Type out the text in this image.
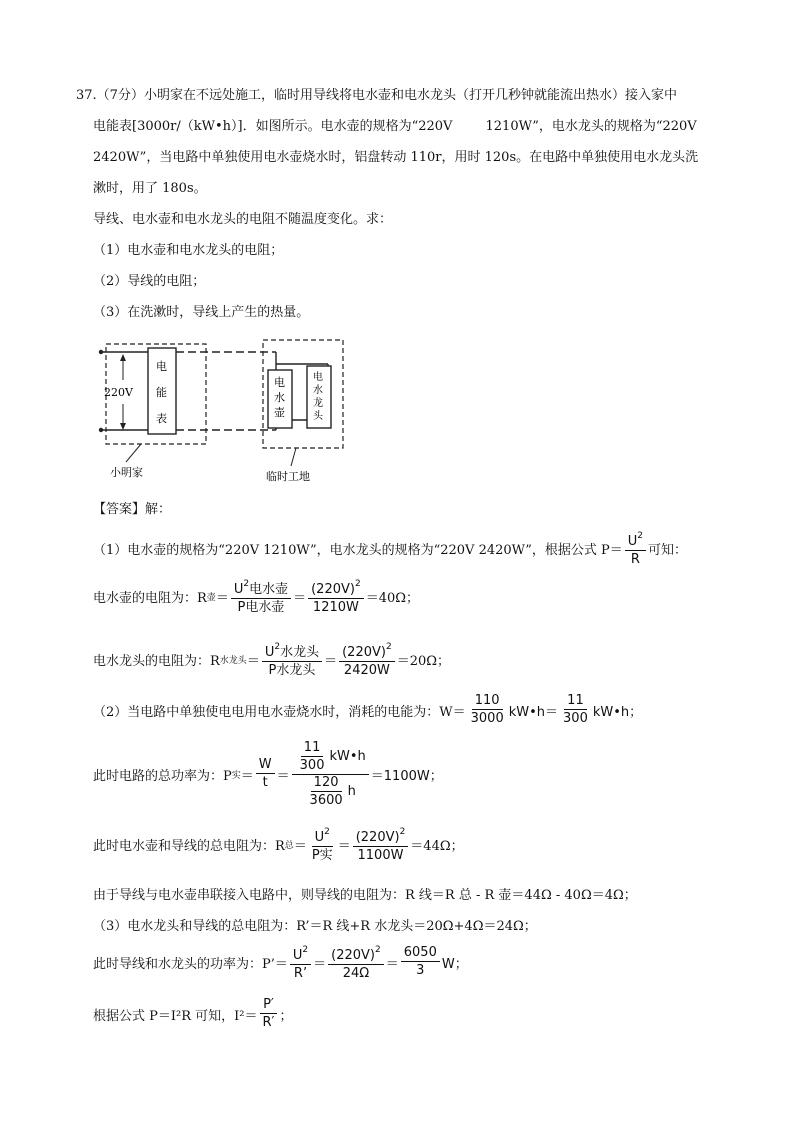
37.（7分）小明家在不远处施工，临时用导线将电水壶和电水龙头（打开几秒钟就能流出热水）接入家中
电能表[3000r/（kW•h）]．如图所示。电水壶的规格为“220V        1210W”，电水龙头的规格为“220V
2420W”，当电路中单独使用电水壶烧水时，铝盘转动 110r，用时 120s。在电路中单独使用电水龙头洗
漱时，用了 180s。
导线、电水壶和电水龙头的电阻不随温度变化。求：
（1）电水壶和电水龙头的电阻；
（2）导线的电阻；
（3）在洗漱时，导线上产生的热量。
220V
电
能
表
电
水
壶
电
水
龙
头
小明家	临时工地
【答案】解：
（1）电水壶的规格为“220V 1210W”，电水龙头的规格为“220V 2420W”，根据公式 $P= \frac{U^2}{R}$ 可知：
电水壶的电阻为：R 壶 ＝ $\frac{U^2电水壶}{\text{P电水壶}} = \frac{(220V)^2}{1210W} =40\Omega$；
电水龙头的电阻为：R 水龙头 ＝ $\frac{U^2水龙头}{\text{P水龙头}} = \frac{(220V)^2}{2420W} =20\Omega$；
（2）当电路中单独使电电用电水壶烧水时，消耗的电能为：$W= \frac{110}{3000}$ kW•h＝ $\frac{11}{300}$ kW•h；
此时电路的总功率为：P 实 ＝ $\frac{W}{t} = \frac{\frac{11}{300} kW•h}{\frac{120}{3600} h} =1100W$；
此时电水壶和导线的总电阻为：R 总 ＝ $\frac{U^2}{\text{P实}} = \frac{(220V)^2}{1100W} =44\Omega$；
由于导线与电水壶串联接入电路中，则导线的电阻为：R 线＝R 总 - R 壶＝44Ω - 40Ω＝4Ω；
（3）电水龙头和导线的总电阻为：R’＝R 线+R 水龙头＝20Ω+4Ω＝24Ω；
此时导线和水龙头的功率为：P’＝ $\frac{U^2}{R’} = \frac{(220V)^2}{24\Omega} = \frac{6050}{3}$ W；
根据公式 P＝I²R 可知，$I^2= \frac{P'}{R'}$ ；
